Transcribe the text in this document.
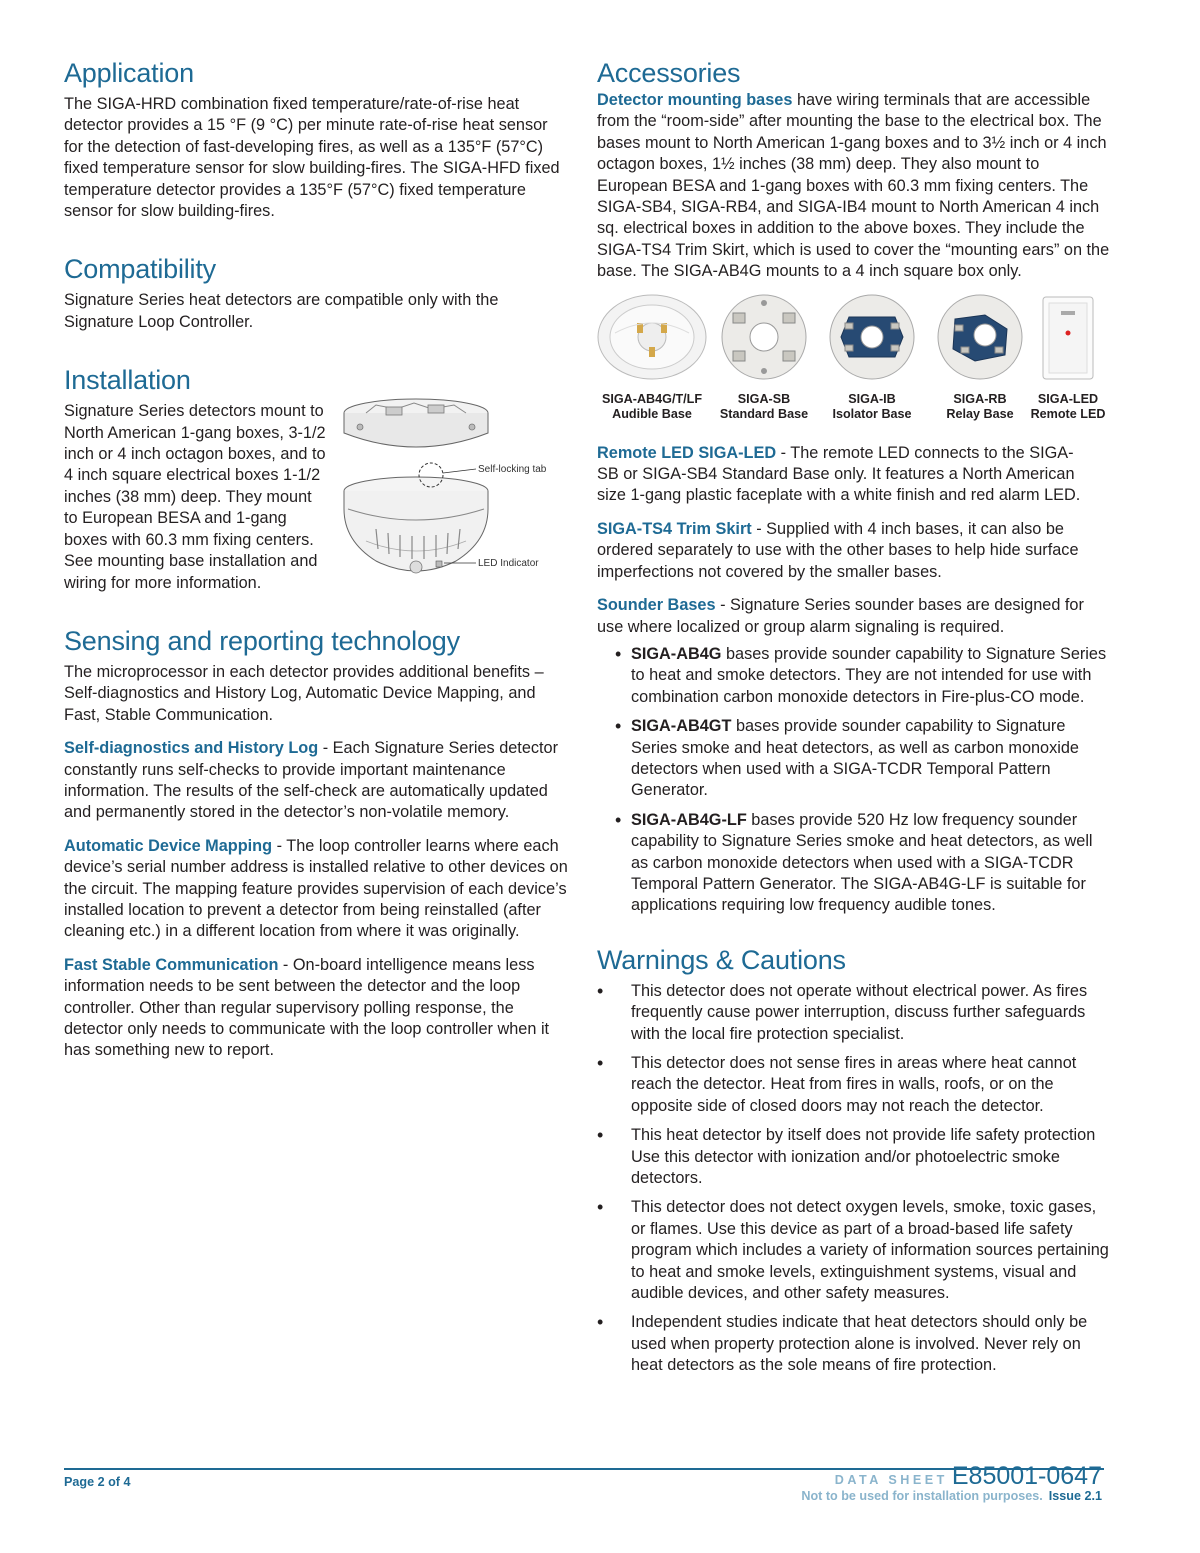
Application

The SIGA-HRD combination fixed temperature/rate-of-rise heat detector provides a 15 °F (9 °C) per minute rate-of-rise heat sensor for the detection of fast-developing fires, as well as a 135°F (57°C) fixed temperature sensor for slow building-fires. The SIGA-HFD fixed temperature detector provides a 135°F (57°C) fixed temperature sensor for slow building-fires.

Compatibility

Signature Series heat detectors are compatible only with the Signature Loop Controller.

Installation

Signature Series detectors mount to North American 1-gang boxes, 3-1/2 inch or 4 inch octagon boxes, and to 4 inch square electrical boxes 1-1/2 inches (38 mm) deep. They mount to European BESA and 1-gang boxes with 60.3 mm fixing centers. See mounting base installation and wiring for more information.

Self-locking tab
LED Indicator
Sensing and reporting technology

The microprocessor in each detector provides additional benefits – Self-diagnostics and History Log, Automatic Device Mapping, and Fast, Stable Communication.

Self-diagnostics and History Log - Each Signature Series detector constantly runs self-checks to provide important maintenance information. The results of the self-check are automatically updated and permanently stored in the detector’s non-volatile memory.

Automatic Device Mapping - The loop controller learns where each device’s serial number address is installed relative to other devices on the circuit. The mapping feature provides supervision of each device’s installed location to prevent a detector from being reinstalled (after cleaning etc.) in a different location from where it was originally.

Fast Stable Communication - On-board intelligence means less information needs to be sent between the detector and the loop controller. Other than regular supervisory polling response, the detector only needs to communicate with the loop controller when it has something new to report.

Accessories

Detector mounting bases have wiring terminals that are accessible from the “room-side” after mounting the base to the electrical box. The bases mount to North American 1-gang boxes and to 3½ inch or 4 inch octagon boxes, 1½ inches (38 mm) deep. They also mount to European BESA and 1-gang boxes with 60.3 mm fixing centers. The SIGA-SB4, SIGA-RB4, and SIGA-IB4 mount to North American 4 inch sq. electrical boxes in addition to the above boxes. They include the SIGA-TS4 Trim Skirt, which is used to cover the “mounting ears” on the base. The SIGA-AB4G mounts to a 4 inch square box only.

SIGA-AB4G/T/LF
Audible Base
SIGA-SB
Standard Base
SIGA-IB
Isolator Base
SIGA-RB
Relay Base
SIGA-LED
Remote LED

Remote LED SIGA-LED - The remote LED connects to the SIGA-SB or SIGA-SB4 Standard Base only. It features a North American size 1-gang plastic faceplate with a white finish and red alarm LED.

SIGA-TS4 Trim Skirt - Supplied with 4 inch bases, it can also be ordered separately to use with the other bases to help hide surface imperfections not covered by the smaller bases.

Sounder Bases - Signature Series sounder bases are designed for use where localized or group alarm signaling is required.

• SIGA-AB4G bases provide sounder capability to Signature Series to heat and smoke detectors. They are not intended for use with combination carbon monoxide detectors in Fire-plus-CO mode.
• SIGA-AB4GT bases provide sounder capability to Signature Series smoke and heat detectors, as well as carbon monoxide detectors when used with a SIGA-TCDR Temporal Pattern Generator.
• SIGA-AB4G-LF bases provide 520 Hz low frequency sounder capability to Signature Series smoke and heat detectors, as well as carbon monoxide detectors when used with a SIGA-TCDR Temporal Pattern Generator. The SIGA-AB4G-LF is suitable for applications requiring low frequency audible tones.
Warnings & Cautions
• This detector does not operate without electrical power. As fires frequently cause power interruption, discuss further safeguards with the local fire protection specialist.
• This detector does not sense fires in areas where heat cannot reach the detector. Heat from fires in walls, roofs, or on the opposite side of closed doors may not reach the detector.
• This heat detector by itself does not provide life safety protection Use this detector with ionization and/or photoelectric smoke detectors.
• This detector does not detect oxygen levels, smoke, toxic gases, or flames. Use this device as part of a broad-based life safety program which includes a variety of information sources pertaining to heat and smoke levels, extinguishment systems, visual and audible devices, and other safety measures.
• Independent studies indicate that heat detectors should only be used when property protection alone is involved. Never rely on heat detectors as the sole means of fire protection.
Page 2 of 4	DATA SHEET E85001-0647
Not to be used for installation purposes. Issue 2.1
